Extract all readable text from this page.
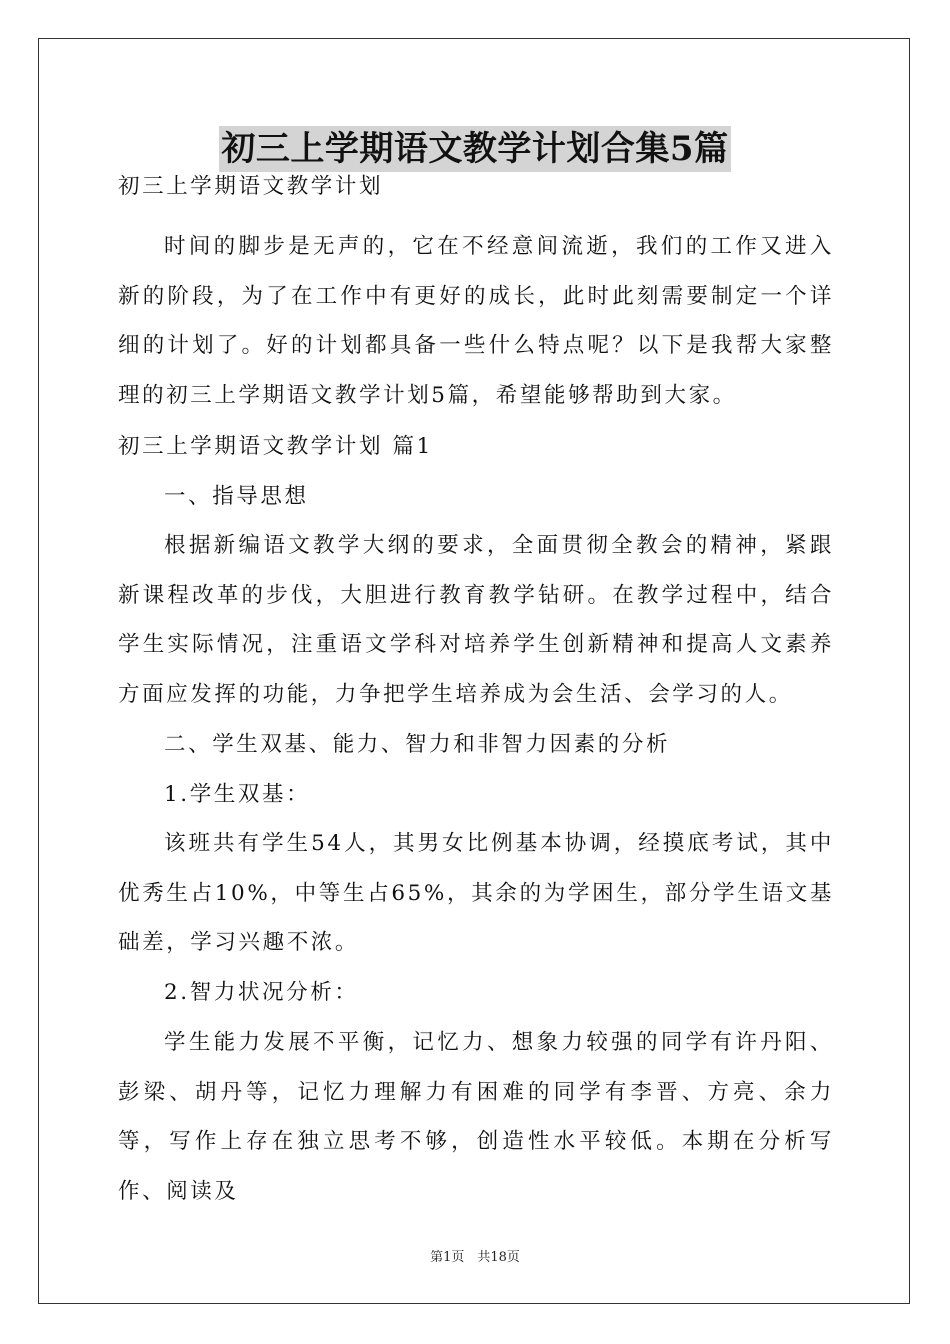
初三上学期语文教学计划合集5篇

初三上学期语文教学计划

时间的脚步是无声的，它在不经意间流逝，我们的工作又进入新的阶段，为了在工作中有更好的成长，此时此刻需要制定一个详细的计划了。好的计划都具备一些什么特点呢？以下是我帮大家整理的初三上学期语文教学计划5篇，希望能够帮助到大家。

初三上学期语文教学计划 篇1

一、指导思想

根据新编语文教学大纲的要求，全面贯彻全教会的精神，紧跟新课程改革的步伐，大胆进行教育教学钻研。在教学过程中，结合学生实际情况，注重语文学科对培养学生创新精神和提高人文素养方面应发挥的功能，力争把学生培养成为会生活、会学习的人。

二、学生双基、能力、智力和非智力因素的分析

1.学生双基：

该班共有学生54人，其男女比例基本协调，经摸底考试，其中优秀生占10%，中等生占65%，其余的为学困生，部分学生语文基础差，学习兴趣不浓。

2.智力状况分析：

学生能力发展不平衡，记忆力、想象力较强的同学有许丹阳、彭梁、胡丹等，记忆力理解力有困难的同学有李晋、方亮、余力等，写作上存在独立思考不够，创造性水平较低。本期在分析写作、阅读及

第1页　共18页
